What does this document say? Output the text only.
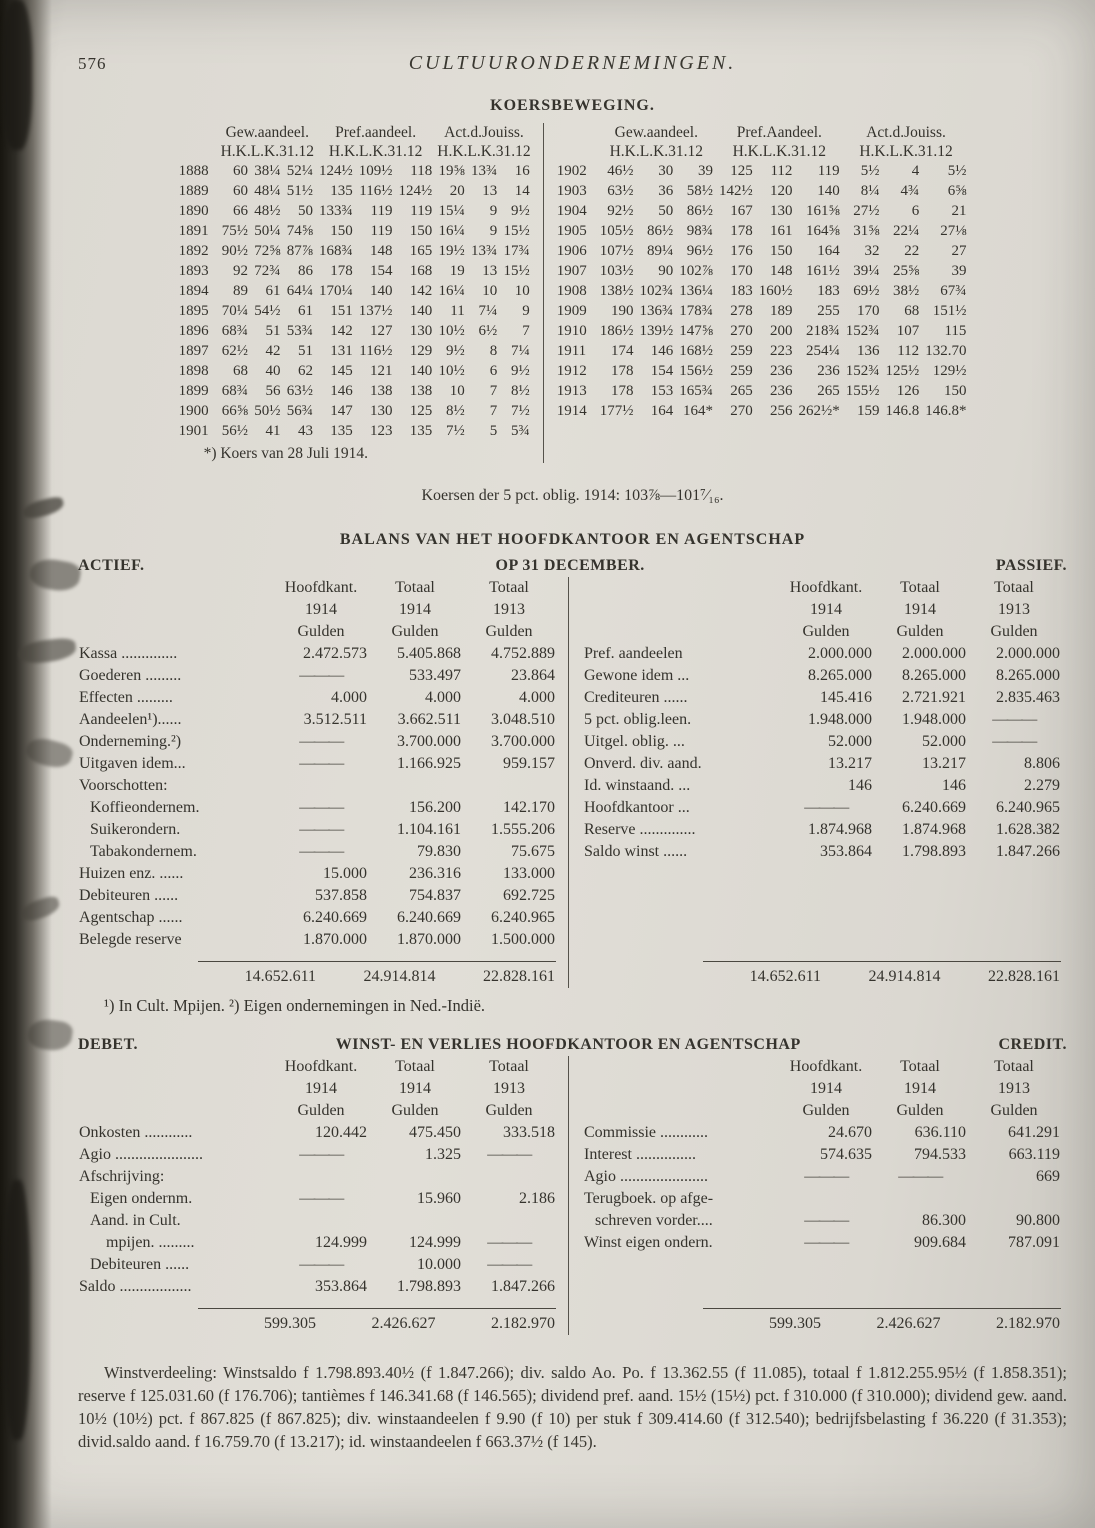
576	CULTUURONDERNEMINGEN.
KOERSBEWEGING.
	Gew.aandeel.			Pref.aandeel.			Act.d.Jouiss.		
	H.K.L.K.31.12			H.K.L.K.31.12			H.K.L.K.31.12		
1888	60	38¼	52¼	124½	109½	118	19⅝	13¾	16
1889	60	48¼	51½	135	116½	124½	20	13	14
1890	66	48½	50	133¾	119	119	15¼	9	9½
1891	75½	50¼	74⅝	150	119	150	16¼	9	15½
1892	90½	72⅝	87⅞	168¾	148	165	19½	13¾	17¾
1893	92	72¾	86	178	154	168	19	13	15½
1894	89	61	64¼	170¼	140	142	16¼	10	10
1895	70¼	54½	61	151	137½	140	11	7¼	9
1896	68¾	51	53¾	142	127	130	10½	6½	7
1897	62½	42	51	131	116½	129	9½	8	7¼
1898	68	40	62	145	121	140	10½	6	9½
1899	68¾	56	63½	146	138	138	10	7	8½
1900	66⅝	50½	56¾	147	130	125	8½	7	7½
1901	56½	41	43	135	123	135	7½	5	5¾
*) Koers van 28 Juli 1914.
	Gew.aandeel.			Pref.Aandeel.			Act.d.Jouiss.		
	H.K.L.K.31.12			H.K.L.K.31.12			H.K.L.K.31.12		
1902	46½	30	39	125	112	119	5½	4	5½
1903	63½	36	58½	142½	120	140	8¼	4¾	6⅝
1904	92½	50	86½	167	130	161⅝	27½	6	21
1905	105½	86½	98¾	178	161	164⅝	31⅝	22¼	27⅛
1906	107½	89¼	96½	176	150	164	32	22	27
1907	103½	90	102⅞	170	148	161½	39¼	25⅝	39
1908	138½	102¾	136¼	183	160½	183	69½	38½	67¾
1909	190	136¾	178¾	278	189	255	170	68	151½
1910	186½	139½	147⅝	270	200	218¾	152¾	107	115
1911	174	146	168½	259	223	254¼	136	112	132.70
1912	178	154	156½	259	236	236	152¾	125½	129½
1913	178	153	165¾	265	236	265	155½	126	150
1914	177½	164	164*	270	256	262½*	159	146.8	146.8*
Koersen der 5 pct. oblig. 1914: 103⅞—101⁷⁄₁₆.
BALANS VAN HET HOOFDKANTOOR EN AGENTSCHAP
ACTIEF.	OP 31 DECEMBER.	PASSIEF.
	Hoofdkant.	Totaal	Totaal
	1914	1914	1913
	Gulden	Gulden	Gulden
Kassa ..............	2.472.573	5.405.868	4.752.889
Goederen .........	———	533.497	23.864
Effecten .........	4.000	4.000	4.000
Aandeelen¹)......	3.512.511	3.662.511	3.048.510
Onderneming.²)	———	3.700.000	3.700.000
Uitgaven idem...	———	1.166.925	959.157
Voorschotten:			
Koffieondernem.	———	156.200	142.170
Suikerondern.	———	1.104.161	1.555.206
Tabakondernem.	———	79.830	75.675
Huizen enz. ......	15.000	236.316	133.000
Debiteuren ......	537.858	754.837	692.725
Agentschap ......	6.240.669	6.240.669	6.240.965
Belegde reserve	1.870.000	1.870.000	1.500.000
	14.652.611	24.914.814	22.828.161
	Hoofdkant.	Totaal	Totaal
	1914	1914	1913
	Gulden	Gulden	Gulden
Pref. aandeelen	2.000.000	2.000.000	2.000.000
Gewone idem ...	8.265.000	8.265.000	8.265.000
Crediteuren ......	145.416	2.721.921	2.835.463
5 pct. oblig.leen.	1.948.000	1.948.000	———
Uitgel. oblig. ...	52.000	52.000	———
Onverd. div. aand.	13.217	13.217	8.806
Id. winstaand. ...	146	146	2.279
Hoofdkantoor ...	———	6.240.669	6.240.965
Reserve ..............	1.874.968	1.874.968	1.628.382
Saldo winst ......	353.864	1.798.893	1.847.266
	14.652.611	24.914.814	22.828.161
¹) In Cult. Mpijen. ²) Eigen ondernemingen in Ned.-Indië.
DEBET.	WINST- EN VERLIES HOOFDKANTOOR EN AGENTSCHAP	CREDIT.
	Hoofdkant.	Totaal	Totaal
	1914	1914	1913
	Gulden	Gulden	Gulden
Onkosten ............	120.442	475.450	333.518
Agio ......................	———	1.325	———
Afschrijving:			
Eigen ondernm.	———	15.960	2.186
Aand. in Cult.			
mpijen. .........	124.999	124.999	———
Debiteuren ......	———	10.000	———
Saldo ..................	353.864	1.798.893	1.847.266
	599.305	2.426.627	2.182.970
	Hoofdkant.	Totaal	Totaal
	1914	1914	1913
	Gulden	Gulden	Gulden
Commissie ............	24.670	636.110	641.291
Interest ...............	574.635	794.533	663.119
Agio ......................	———	———	669
Terugboek. op afge-			
schreven vorder....	———	86.300	90.800
Winst eigen ondern.	———	909.684	787.091
	599.305	2.426.627	2.182.970
Winstverdeeling: Winstsaldo f 1.798.893.40½ (f 1.847.266); div. saldo Ao. Po. f 13.362.55 (f 11.085), totaal f 1.812.255.95½ (f 1.858.351); reserve f 125.031.60 (f 176.706); tantièmes f 146.341.68 (f 146.565); dividend pref. aand. 15½ (15½) pct. f 310.000 (f 310.000); dividend gew. aand. 10½ (10½) pct. f 867.825 (f 867.825); div. winstaandeelen f 9.90 (f 10) per stuk f 309.414.60 (f 312.540); bedrijfsbelasting f 36.220 (f 31.353); divid.saldo aand. f 16.759.70 (f 13.217); id. winstaandeelen f 663.37½ (f 145).
